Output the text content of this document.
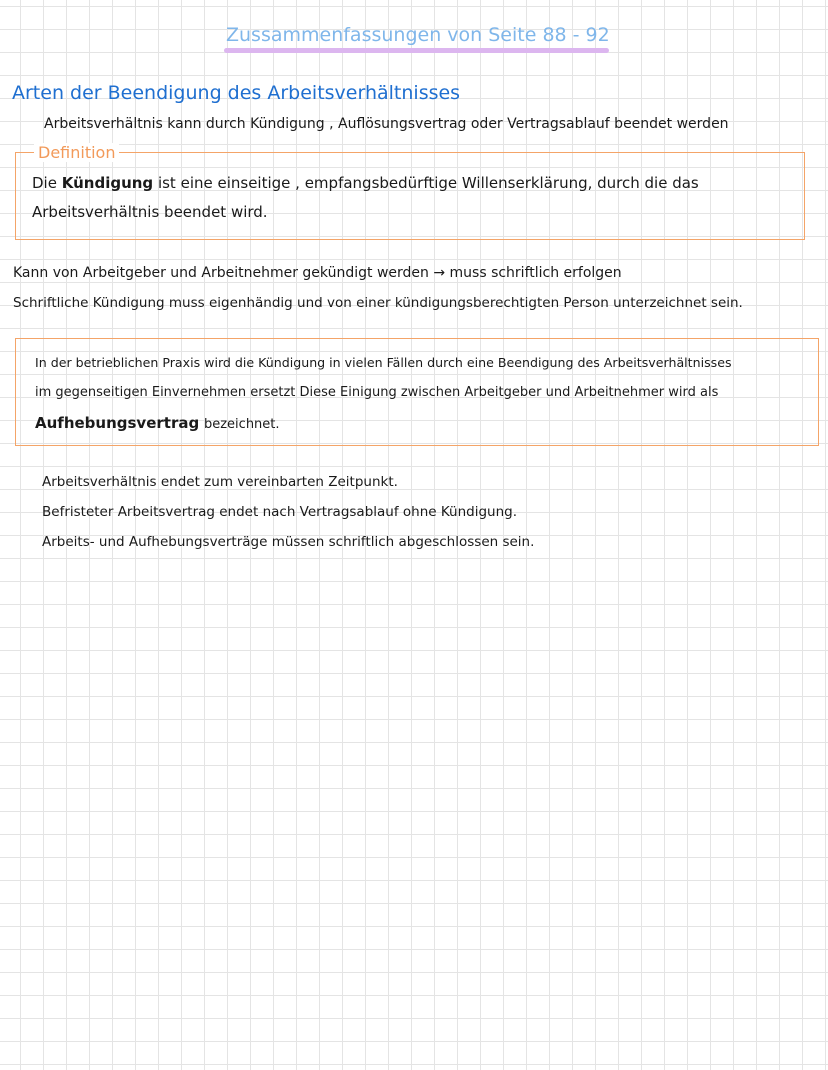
Zussammenfassungen von Seite 88 - 92
Arten der Beendigung des Arbeitsverhältnisses
Arbeitsverhältnis kann durch Kündigung , Auflösungsvertrag oder Vertragsablauf beendet werden
Definition
Die Kündigung ist eine einseitige , empfangsbedürftige Willenserklärung, durch die das
Arbeitsverhältnis beendet wird.
Kann von Arbeitgeber und Arbeitnehmer gekündigt werden → muss schriftlich erfolgen
Schriftliche Kündigung muss eigenhändig und von einer kündigungsberechtigten Person unterzeichnet sein.
In der betrieblichen Praxis wird die Kündigung in vielen Fällen durch eine Beendigung des Arbeitsverhältnisses
im gegenseitigen Einvernehmen ersetzt Diese Einigung zwischen Arbeitgeber und Arbeitnehmer wird als
Aufhebungsvertrag bezeichnet.
Arbeitsverhältnis endet zum vereinbarten Zeitpunkt.
Befristeter Arbeitsvertrag endet nach Vertragsablauf ohne Kündigung.
Arbeits- und Aufhebungsverträge müssen schriftlich abgeschlossen sein.
